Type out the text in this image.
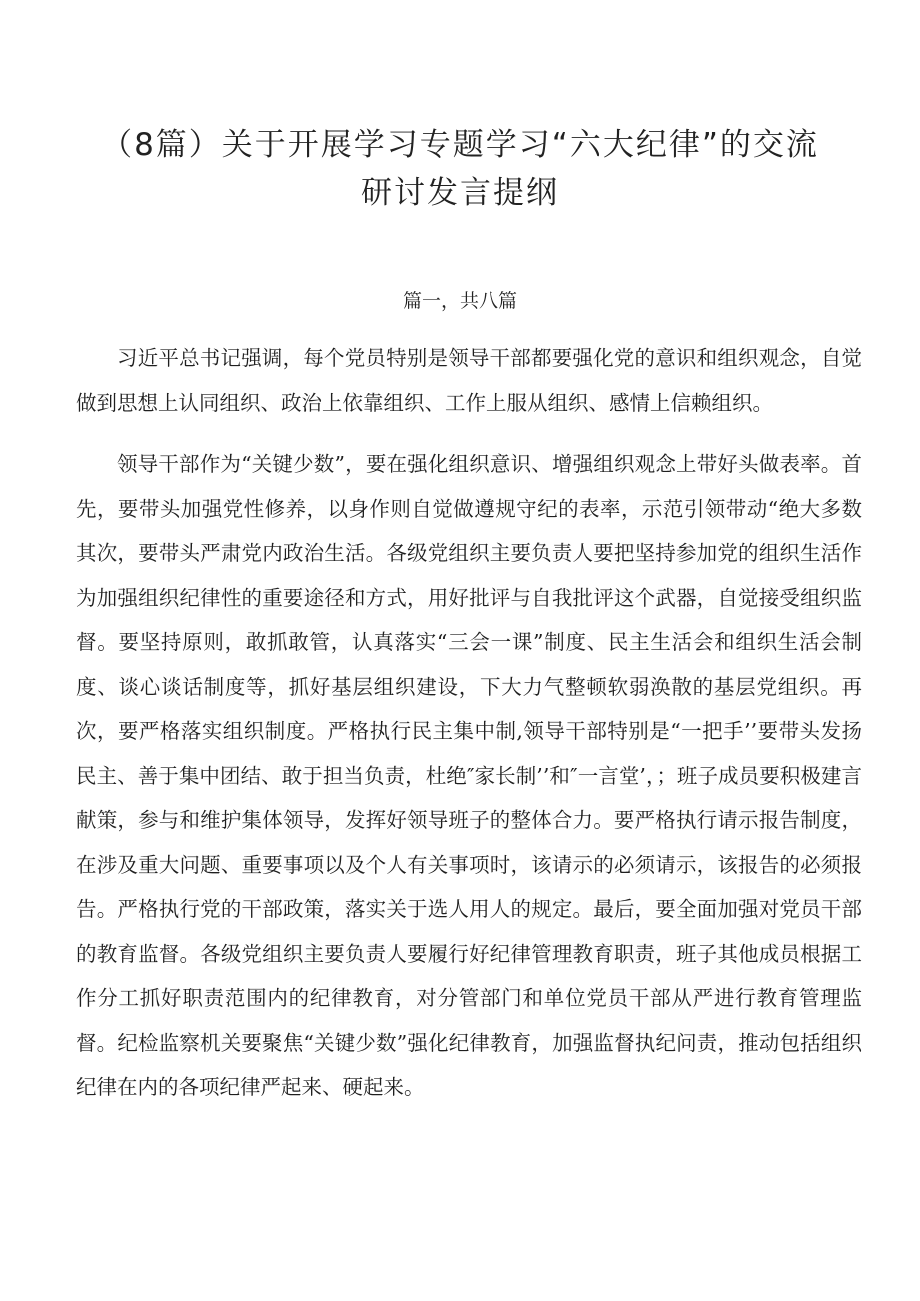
（8篇）关于开展学习专题学习“六大纪律”的交流
研讨发言提纲
篇一，共八篇

习近平总书记强调，每个党员特别是领导干部都要强化党的意识和组织观念，自觉做到思想上认同组织、政治上依靠组织、工作上服从组织、感情上信赖组织。

领导干部作为“关键少数”，要在强化组织意识、增强组织观念上带好头做表率。首先，要带头加强党性修养，以身作则自觉做遵规守纪的表率，示范引领带动“绝大多数其次，要带头严肃党内政治生活。各级党组织主要负责人要把坚持参加党的组织生活作为加强组织纪律性的重要途径和方式，用好批评与自我批评这个武器，自觉接受组织监督。要坚持原则，敢抓敢管，认真落实“三会一课”制度、民主生活会和组织生活会制度、谈心谈话制度等，抓好基层组织建设，下大力气整顿软弱涣散的基层党组织。再次，要严格落实组织制度。严格执行民主集中制,领导干部特别是“一把手’’要带头发扬民主、善于集中团结、敢于担当负责，杜绝″家长制’’和″一言堂’，；班子成员要积极建言献策，参与和维护集体领导，发挥好领导班子的整体合力。要严格执行请示报告制度，在涉及重大问题、重要事项以及个人有关事项时，该请示的必须请示，该报告的必须报告。严格执行党的干部政策，落实关于选人用人的规定。最后，要全面加强对党员干部的教育监督。各级党组织主要负责人要履行好纪律管理教育职责，班子其他成员根据工作分工抓好职责范围内的纪律教育，对分管部门和单位党员干部从严进行教育管理监督。纪检监察机关要聚焦“关键少数”强化纪律教育，加强监督执纪问责，推动包括组织纪律在内的各项纪律严起来、硬起来。
